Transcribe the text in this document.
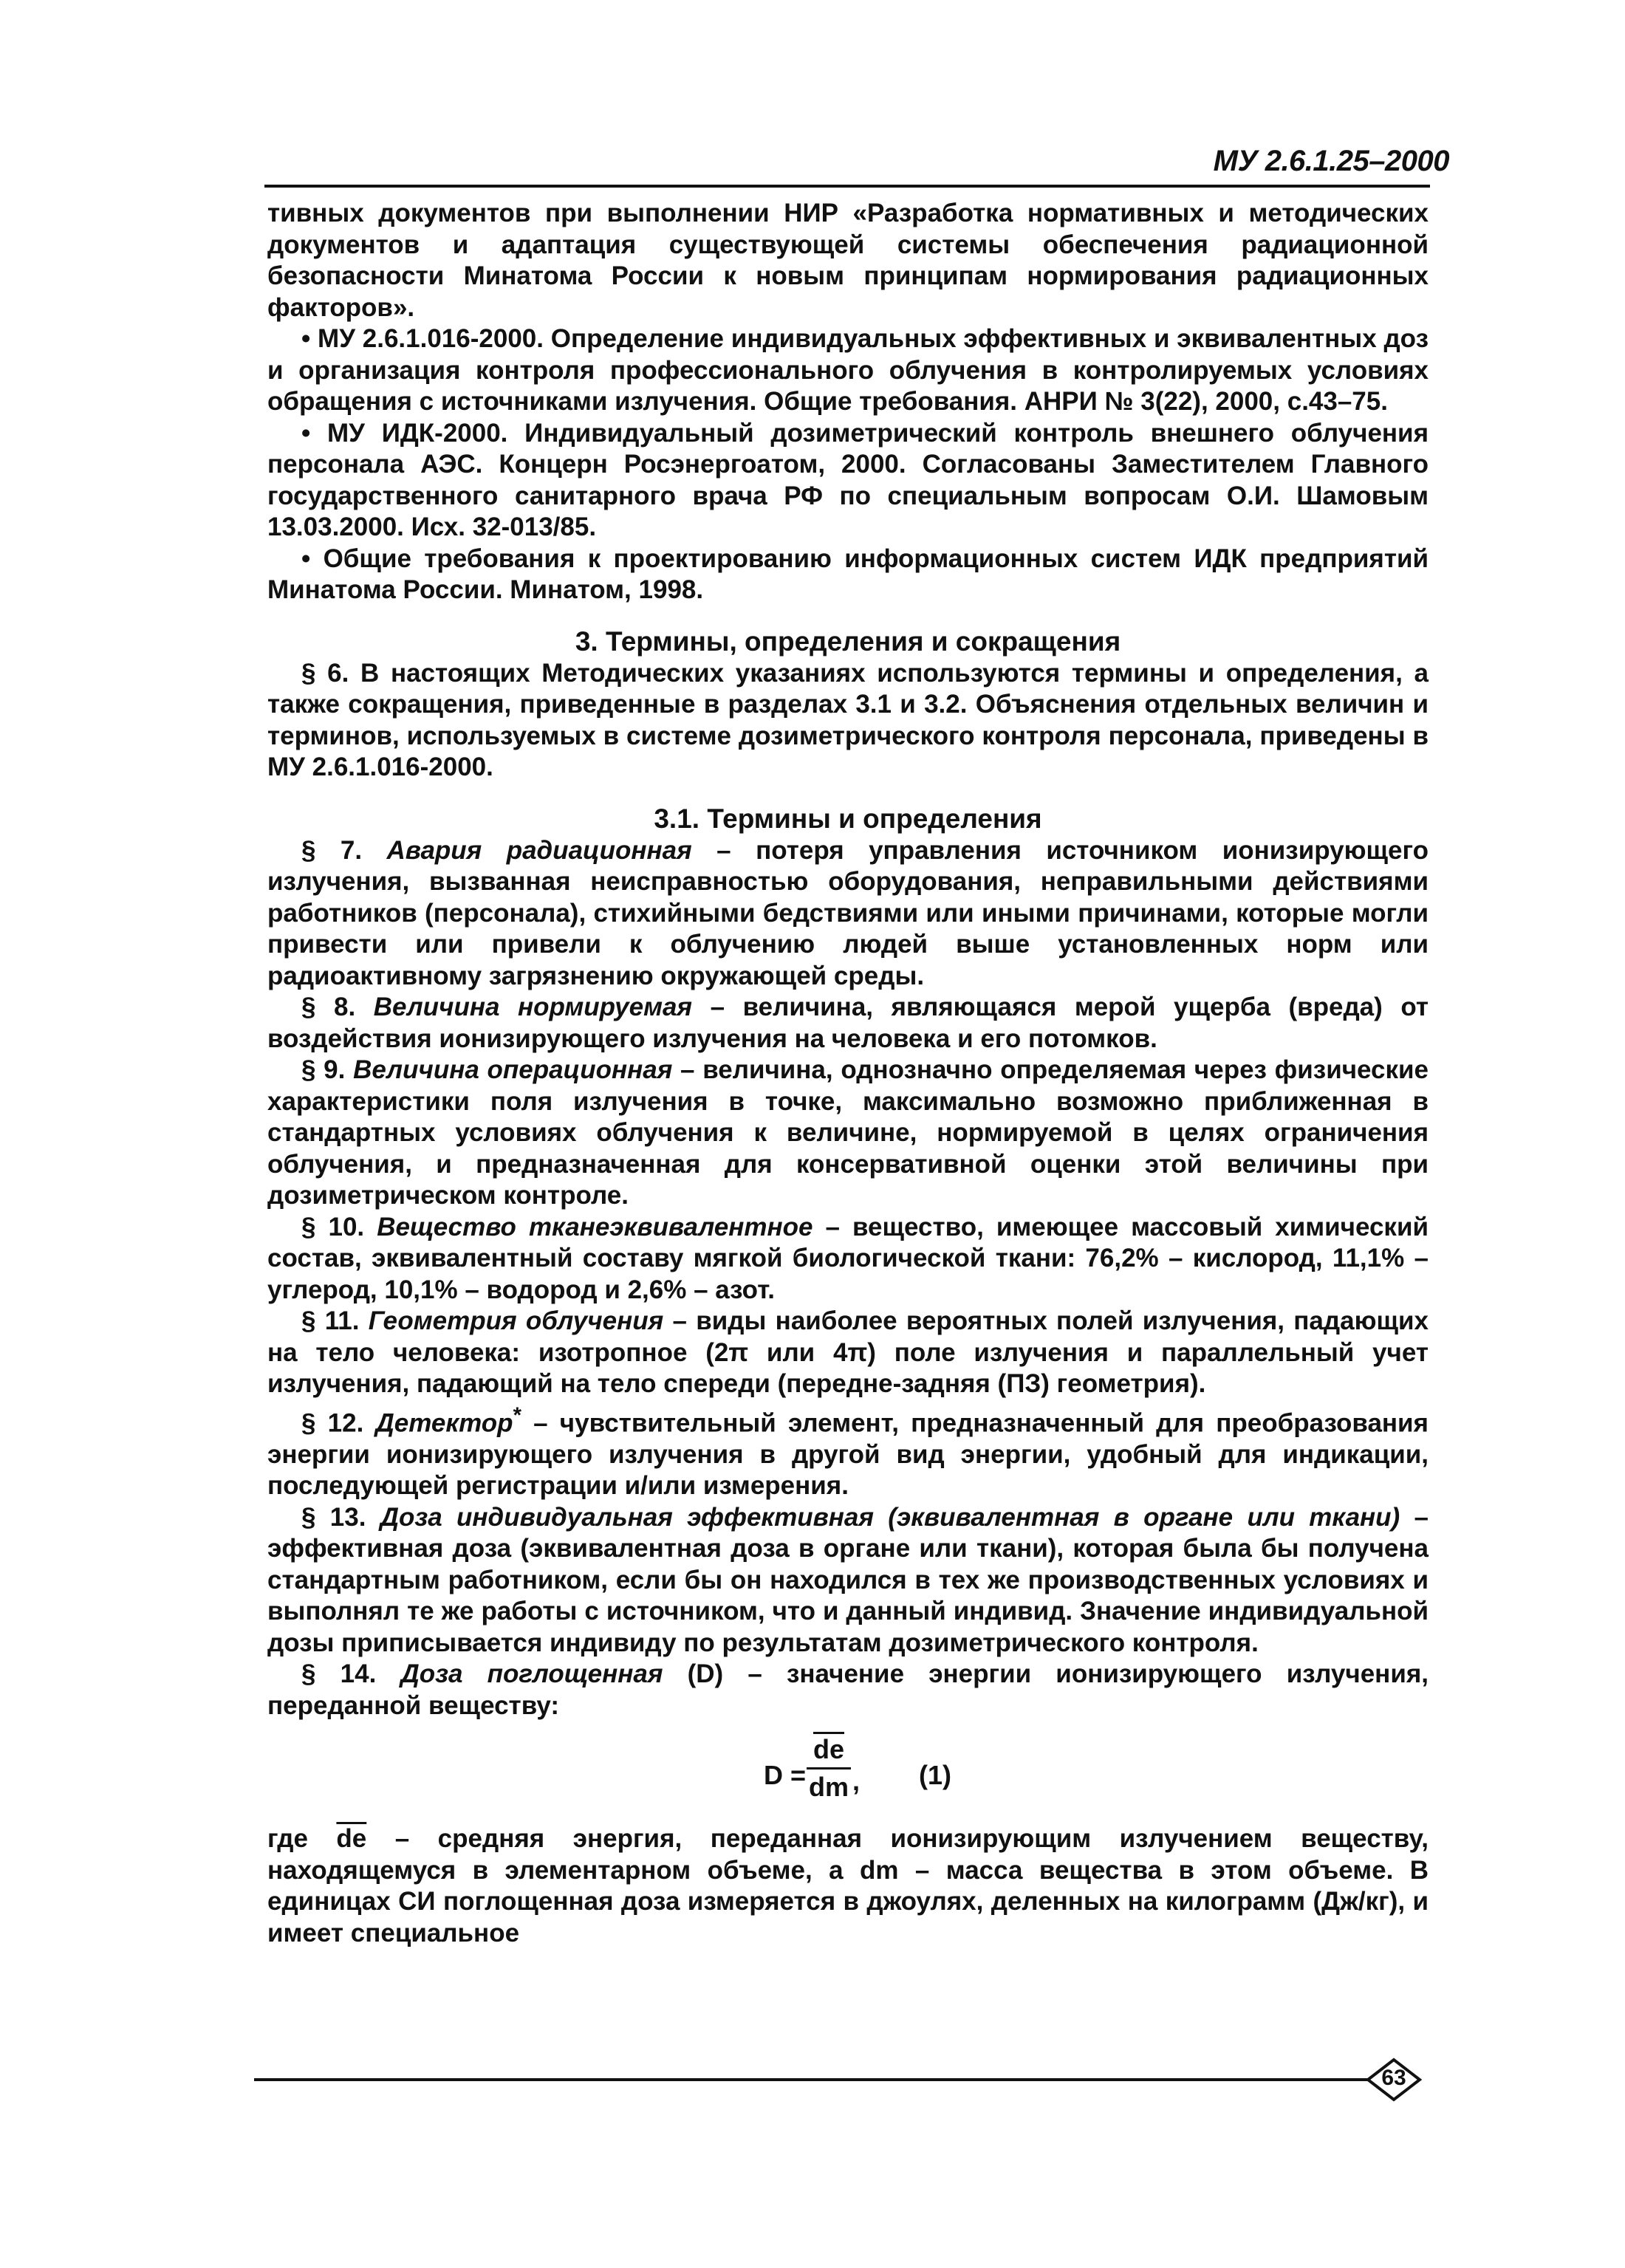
МУ 2.6.1.25–2000

тивных документов при выполнении НИР «Разработка нормативных и методических документов и адаптация существующей системы обеспечения радиационной безопасности Минатома России к новым принципам нормирования радиационных факторов».

• МУ 2.6.1.016-2000. Определение индивидуальных эффективных и эквивалентных доз и организация контроля профессионального облучения в контролируемых условиях обращения с источниками излучения. Общие требования. АНРИ № 3(22), 2000, с.43–75.

• МУ ИДК-2000. Индивидуальный дозиметрический контроль внешнего облучения персонала АЭС. Концерн Росэнергоатом, 2000. Согласованы Заместителем Главного государственного санитарного врача РФ по специальным вопросам О.И. Шамовым 13.03.2000. Исх. 32-013/85.

• Общие требования к проектированию информационных систем ИДК предприятий Минатома России. Минатом, 1998.

3. Термины, определения и сокращения

§ 6. В настоящих Методических указаниях используются термины и определения, а также сокращения, приведенные в разделах 3.1 и 3.2. Объяснения отдельных величин и терминов, используемых в системе дозиметрического контроля персонала, приведены в МУ 2.6.1.016-2000.

3.1. Термины и определения

§ 7. Авария радиационная – потеря управления источником ионизирующего излучения, вызванная неисправностью оборудования, неправильными действиями работников (персонала), стихийными бедствиями или иными причинами, которые могли привести или привели к облучению людей выше установленных норм или радиоактивному загрязнению окружающей среды.

§ 8. Величина нормируемая – величина, являющаяся мерой ущерба (вреда) от воздействия ионизирующего излучения на человека и его потомков.

§ 9. Величина операционная – величина, однозначно определяемая через физические характеристики поля излучения в точке, максимально возможно приближенная в стандартных условиях облучения к величине, нормируемой в целях ограничения облучения, и предназначенная для консервативной оценки этой величины при дозиметрическом контроле.

§ 10. Вещество тканеэквивалентное – вещество, имеющее массовый химический состав, эквивалентный составу мягкой биологической ткани: 76,2% – кислород, 11,1% – углерод, 10,1% – водород и 2,6% – азот.

§ 11. Геометрия облучения – виды наиболее вероятных полей излучения, падающих на тело человека: изотропное (2π или 4π) поле излучения и параллельный учет излучения, падающий на тело спереди (передне-задняя (ПЗ) геометрия).

§ 12. Детектор* – чувствительный элемент, предназначенный для преобразования энергии ионизирующего излучения в другой вид энергии, удобный для индикации, последующей регистрации и/или измерения.

§ 13. Доза индивидуальная эффективная (эквивалентная в органе или ткани) – эффективная доза (эквивалентная доза в органе или ткани), которая была бы получена стандартным работником, если бы он находился в тех же производственных условиях и выполнял те же работы с источником, что и данный индивид. Значение индивидуальной дозы приписывается индивиду по результатам дозиметрического контроля.

§ 14. Доза поглощенная (D) – значение энергии ионизирующего излучения, переданной веществу:

D =
$\overline{de}$
dm , (1)

где $\overline{de}$ – средняя энергия, переданная ионизирующим излучением веществу, находящемуся в элементарном объеме, а dm – масса вещества в этом объеме. В единицах СИ поглощенная доза измеряется в джоулях, деленных на килограмм (Дж/кг), и имеет специальное

63
